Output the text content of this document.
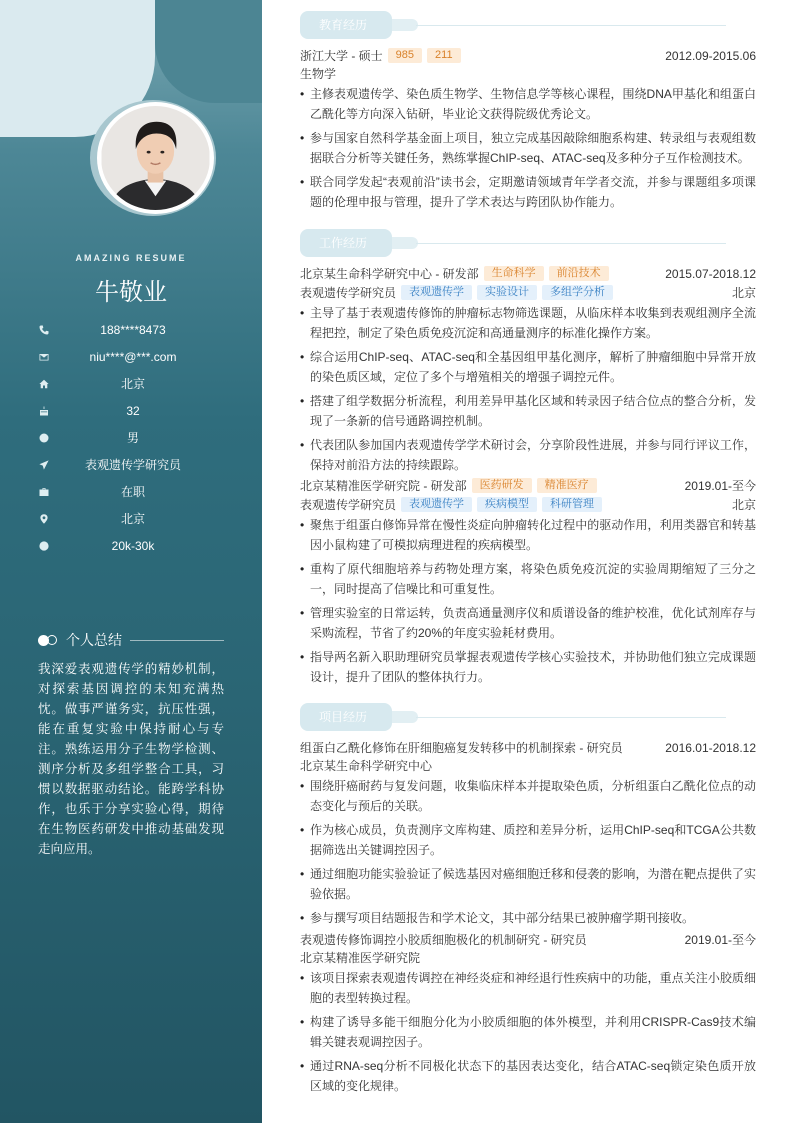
AMAZING RESUME
牛敬业
188****8473
niu****@***.com
北京
32
男
表观遗传学研究员
在职
北京
20k-30k
个人总结
我深爱表观遗传学的精妙机制，对探索基因调控的未知充满热忱。做事严谨务实，抗压性强，能在重复实验中保持耐心与专注。熟练运用分子生物学检测、测序分析及多组学整合工具，习惯以数据驱动结论。能跨学科协作，也乐于分享实验心得，期待在生物医药研发中推动基础发现走向应用。
教育经历
浙江大学 - 硕士	985	211	2012.09-2015.06
生物学
• 主修表观遗传学、染色质生物学、生物信息学等核心课程，围绕DNA甲基化和组蛋白乙酰化等方向深入钻研，毕业论文获得院级优秀论文。
• 参与国家自然科学基金面上项目，独立完成基因敲除细胞系构建、转录组与表观组数据联合分析等关键任务，熟练掌握ChIP-seq、ATAC-seq及多种分子互作检测技术。
• 联合同学发起“表观前沿”读书会，定期邀请领域青年学者交流，并参与课题组多项课题的伦理申报与管理，提升了学术表达与跨团队协作能力。
工作经历
北京某生命科学研究中心 - 研发部	生命科学	前沿技术	2015.07-2018.12
表观遗传学研究员	表观遗传学	实验设计	多组学分析	北京
• 主导了基于表观遗传修饰的肿瘤标志物筛选课题，从临床样本收集到表观组测序全流程把控，制定了染色质免疫沉淀和高通量测序的标准化操作方案。
• 综合运用ChIP-seq、ATAC-seq和全基因组甲基化测序，解析了肿瘤细胞中异常开放的染色质区域，定位了多个与增殖相关的增强子调控元件。
• 搭建了组学数据分析流程，利用差异甲基化区域和转录因子结合位点的整合分析，发现了一条新的信号通路调控机制。
• 代表团队参加国内表观遗传学学术研讨会，分享阶段性进展，并参与同行评议工作，保持对前沿方法的持续跟踪。
北京某精准医学研究院 - 研发部	医药研发	精准医疗	2019.01-至今
表观遗传学研究员	表观遗传学	疾病模型	科研管理	北京
• 聚焦于组蛋白修饰异常在慢性炎症向肿瘤转化过程中的驱动作用，利用类器官和转基因小鼠构建了可模拟病理进程的疾病模型。
• 重构了原代细胞培养与药物处理方案，将染色质免疫沉淀的实验周期缩短了三分之一，同时提高了信噪比和可重复性。
• 管理实验室的日常运转，负责高通量测序仪和质谱设备的维护校准，优化试剂库存与采购流程，节省了约20%的年度实验耗材费用。
• 指导两名新入职助理研究员掌握表观遗传学核心实验技术，并协助他们独立完成课题设计，提升了团队的整体执行力。
项目经历
组蛋白乙酰化修饰在肝细胞癌复发转移中的机制探索 - 研究员	2016.01-2018.12
北京某生命科学研究中心
• 围绕肝癌耐药与复发问题，收集临床样本并提取染色质，分析组蛋白乙酰化位点的动态变化与预后的关联。
• 作为核心成员，负责测序文库构建、质控和差异分析，运用ChIP-seq和TCGA公共数据筛选出关键调控因子。
• 通过细胞功能实验验证了候选基因对癌细胞迁移和侵袭的影响，为潜在靶点提供了实验依据。
• 参与撰写项目结题报告和学术论文，其中部分结果已被肿瘤学期刊接收。
表观遗传修饰调控小胶质细胞极化的机制研究 - 研究员	2019.01-至今
北京某精准医学研究院
• 该项目探索表观遗传调控在神经炎症和神经退行性疾病中的功能，重点关注小胶质细胞的表型转换过程。
• 构建了诱导多能干细胞分化为小胶质细胞的体外模型，并利用CRISPR-Cas9技术编辑关键表观调控因子。
• 通过RNA-seq分析不同极化状态下的基因表达变化，结合ATAC-seq锁定染色质开放区域的变化规律。
